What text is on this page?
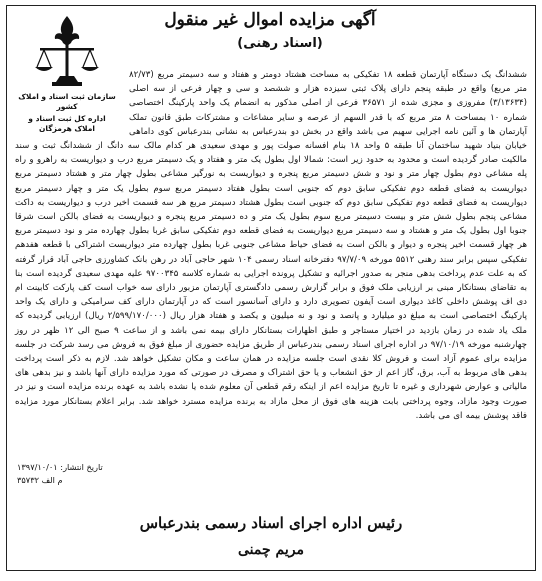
آگهی مزایده اموال غیر منقول
(اسناد رهنی)
سازمان ثبت اسناد و املاک کشور
اداره کل ثبت اسناد و املاک هرمزگان
ششدانگ یک دستگاه آپارتمان قطعه ۱۸ تفکیکی به مساحت هشتاد دومتر و هفتاد و سه دسیمتر مربع (۸۲/۷۳ متر مربع) واقع در طبقه پنجم دارای پلاک ثبتی سیزده هزار و ششصد و سی و چهار فرعی از سه اصلی (۳/۱۳۶۳۴) مفروزی و مجزی شده از ۳۶۵۷۱ فرعی از اصلی مذکور به انضمام یک واحد پارکینگ اختصاصی شماره ۱۰ بمساحت ۸ متر مربع که با قدر السهم از عرصه و سایر مشاعات و مشترکات طبق قانون تملک آپارتمان ها و آئین نامه اجرایی سهیم می باشد واقع در بخش دو بندرعباس به نشانی بندرعباس کوی داماهی خیابان بنیاد شهید ساختمان آنا طبقه ۵ واحد ۱۸ بنام افسانه صولت پور و مهدی سعیدی هر کدام مالک سه دانگ از ششدانگ ثبت و سند مالکیت صادر گردیده است و محدود به حدود زیر است: شمالا اول بطول یک متر و هفتاد و یک دسیمتر مربع درب و دیواریست به راهرو و راه پله مشاعی دوم بطول چهار متر و نود و شش دسیمتر مربع پنجره و دیواریست به نورگیر مشاعی بطول چهار متر و هشتاد دسیمتر مربع دیواریست به فضای قطعه دوم تفکیکی سابق دوم که جنوبی است بطول هفتاد دسیمتر مربع سوم بطول یک متر و چهار دسیمتر مربع دیواریست به فضای قطعه دوم تفکیکی سابق دوم که جنوبی است بطول هشتاد دسیمتر مربع هر سه قسمت اخیر درب و دیواریست به داکت مشاعی پنجم بطول شش متر و بیست دسیمتر مربع سوم بطول یک متر و ده دسیمتر مربع پنجره و دیواریست به فضای بالکن است شرقا جنوبا اول بطول یک متر و هشتاد و سه دسیمتر مربع دیواریست به فضای قطعه دوم تفکیکی سابق غربا بطول چهارده متر و نود دسیمتر مربع هر چهار قسمت اخیر پنجره و دیوار و بالکن است به فضای حیاط مشاعی جنوبی غربا بطول چهارده متر دیواریست اشتراکی با قطعه هفدهم تفکیکی سپس برابر سند رهنی ۵۵۱۲ مورخه ۹۷/۷/۰۹ دفترخانه اسناد رسمی ۱۰۴ شهر حاجی آباد در رهن بانک کشاورزی حاجی آباد قرار گرفته که به علت عدم پرداخت بدهی منجر به صدور اجرائیه و تشکیل پرونده اجرایی به شماره کلاسه ۹۷۰۰۳۴۵ علیه مهدی سعیدی گردیده است بنا به تقاضای بستانکار مبنی بر ارزیابی ملک فوق و برابر گزارش رسمی دادگستری آپارتمان مزبور دارای سه خواب است کف پارکت کابینت ام دی اف پوشش داخلی کاغذ دیواری است آیفون تصویری دارد و دارای آسانسور است که در آپارتمان دارای کف سرامیکی و دارای یک واحد پارکینگ اختصاصی است به مبلغ دو میلیارد و پانصد و نود و نه میلیون و یکصد و هفتاد هزار ریال (۲/۵۹۹/۱۷۰/۰۰۰ ریال) ارزیابی گردیده که ملک یاد شده در زمان بازدید در اختیار مستاجر و طبق اظهارات بستانکار دارای بیمه نمی باشد و از ساعت ۹ صبح الی ۱۲ ظهر در روز چهارشنبه مورخه ۹۷/۱۰/۱۹ در اداره اجرای اسناد رسمی بندرعباس از طریق مزایده حضوری از مبلغ فوق به فروش می رسد شرکت در جلسه مزایده برای عموم آزاد است و فروش کلا نقدی است جلسه مزایده در همان ساعت و مکان تشکیل خواهد شد. لازم به ذکر است پرداخت بدهی های مربوط به آب، برق، گاز اعم از حق انشعاب و یا حق اشتراک و مصرف در صورتی که مورد مزایده دارای آنها باشد و نیز بدهی های مالیاتی و عوارض شهرداری و غیره تا تاریخ مزایده اعم از اینکه رقم قطعی آن معلوم شده یا نشده باشد به عهده برنده مزایده است و نیز در صورت وجود مازاد، وجوه پرداختی بابت هزینه های فوق از محل مازاد به برنده مزایده مسترد خواهد شد. برابر اعلام بستانکار مورد مزایده فاقد پوشش بیمه ای می باشد.
تاریخ انتشار: ۱۳۹۷/۱۰/۰۱
م الف ۳۵۷۳۲
رئیس اداره اجرای اسناد رسمی بندرعباس
مریم چمنی
